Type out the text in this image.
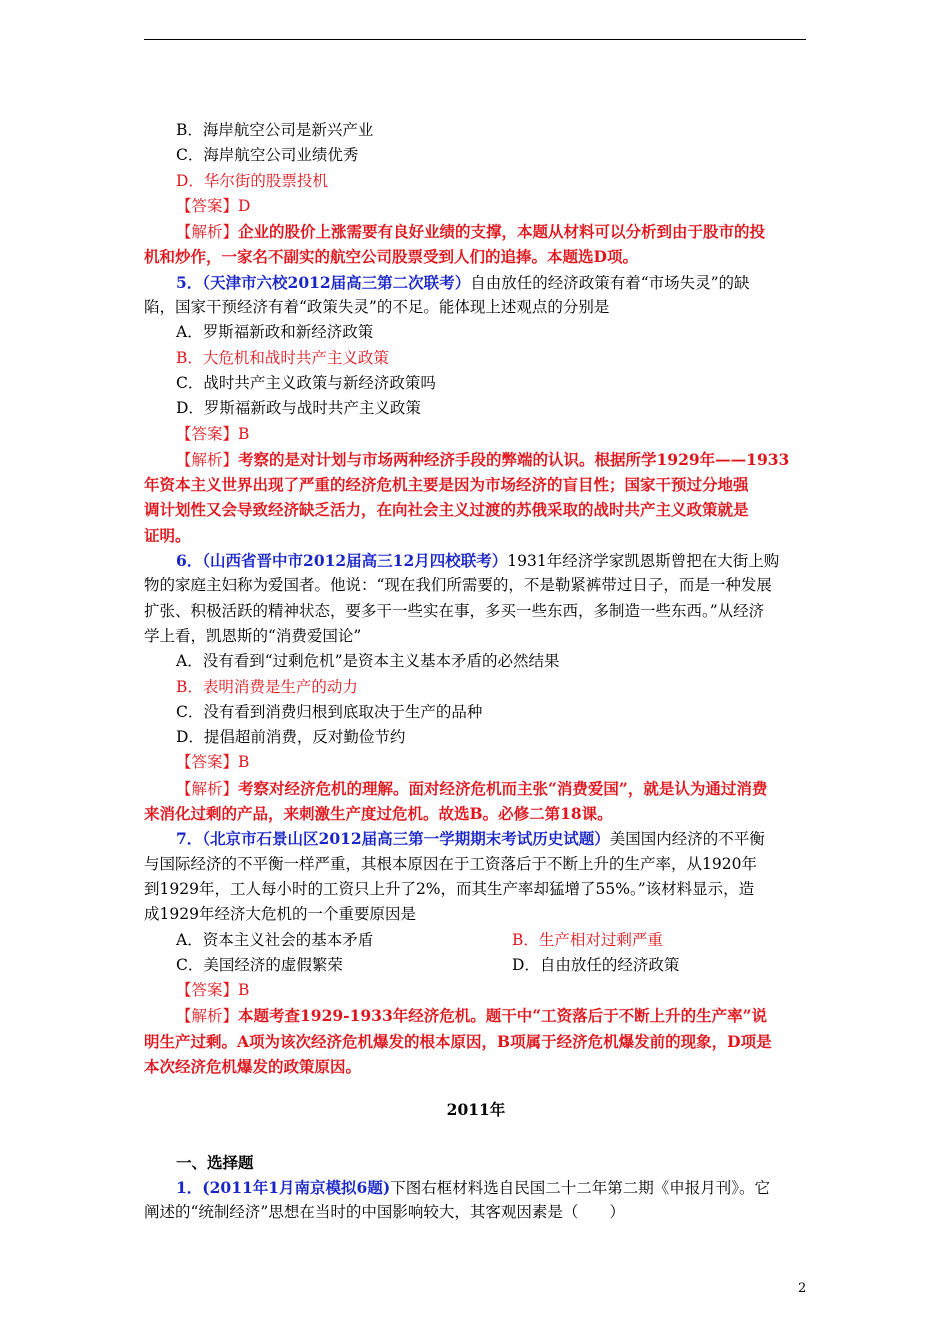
B．海岸航空公司是新兴产业
C．海岸航空公司业绩优秀
D．华尔街的股票投机
【答案】D
【解析】企业的股价上涨需要有良好业绩的支撑，本题从材料可以分析到由于股市的投
机和炒作，一家名不副实的航空公司股票受到人们的追捧。本题选D项。
5．（天津市六校2012届高三第二次联考）自由放任的经济政策有着“市场失灵”的缺
陷，国家干预经济有着“政策失灵”的不足。能体现上述观点的分别是
A．罗斯福新政和新经济政策
B．大危机和战时共产主义政策
C．战时共产主义政策与新经济政策吗
D．罗斯福新政与战时共产主义政策
【答案】B
【解析】考察的是对计划与市场两种经济手段的弊端的认识。根据所学1929年——1933
年资本主义世界出现了严重的经济危机主要是因为市场经济的盲目性；国家干预过分地强
调计划性又会导致经济缺乏活力，在向社会主义过渡的苏俄采取的战时共产主义政策就是
证明。
6．（山西省晋中市2012届高三12月四校联考）1931年经济学家凯恩斯曾把在大街上购
物的家庭主妇称为爱国者。他说：“现在我们所需要的，不是勒紧裤带过日子，而是一种发展
扩张、积极活跃的精神状态，要多干一些实在事，多买一些东西，多制造一些东西。”从经济
学上看，凯恩斯的“消费爱国论”
A．没有看到“过剩危机”是资本主义基本矛盾的必然结果
B．表明消费是生产的动力
C．没有看到消费归根到底取决于生产的品种
D．提倡超前消费，反对勤俭节约
【答案】B
【解析】考察对经济危机的理解。面对经济危机而主张“消费爱国”，就是认为通过消费
来消化过剩的产品，来刺激生产度过危机。故选B。必修二第18课。
7．（北京市石景山区2012届高三第一学期期末考试历史试题）美国国内经济的不平衡
与国际经济的不平衡一样严重，其根本原因在于工资落后于不断上升的生产率，从1920年
到1929年，工人每小时的工资只上升了2%，而其生产率却猛增了55%。”该材料显示，造
成1929年经济大危机的一个重要原因是
A．资本主义社会的基本矛盾	B．生产相对过剩严重
C．美国经济的虚假繁荣	D．自由放任的经济政策
【答案】B
【解析】本题考查1929-1933年经济危机。题干中“工资落后于不断上升的生产率”说
明生产过剩。A项为该次经济危机爆发的根本原因，B项属于经济危机爆发前的现象，D项是
本次经济危机爆发的政策原因。
2011年
一、选择题
1．(2011年1月南京模拟6题)下图右框材料选自民国二十二年第二期《申报月刊》。它
阐述的“统制经济”思想在当时的中国影响较大，其客观因素是（　　）
2
